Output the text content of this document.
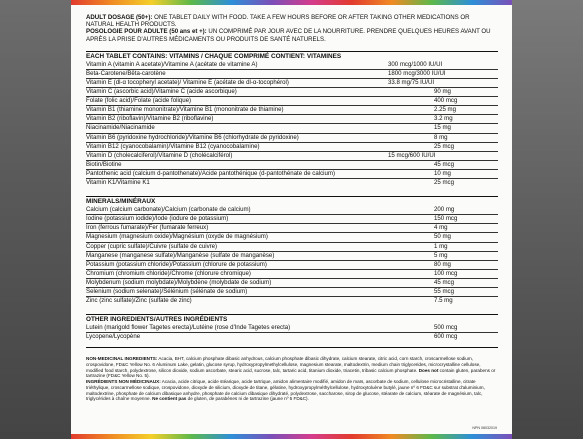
ADULT DOSAGE (50+): ONE TABLET DAILY WITH FOOD. TAKE A FEW HOURS BEFORE OR AFTER TAKING OTHER MEDICATIONS OR NATURAL HEALTH PRODUCTS.
POSOLOGIE POUR ADULTE (50 ans et +): UN COMPRIMÉ PAR JOUR AVEC DE LA NOURRITURE. PRENDRE QUELQUES HEURES AVANT OU APRÈS LA PRISE D'AUTRES MÉDICAMENTS OU PRODUITS DE SANTÉ NATURELS.
EACH TABLET CONTAINS: VITAMINS / CHAQUE COMPRIMÉ CONTIENT: VITAMINES
Vitamin A (vitamin A acetate)/Vitamine A (acétate de vitamine A)	300 mcg/1000 IU/UI
Beta-Carotene/Bêta-carotène	1800 mcg/3000 IU/UI
Vitamin E (dl-α tocopheryl acetate)/ Vitamine E (acétate de dl-α-tocophérol)	33.8 mg/75 IU/UI
Vitamin C (ascorbic acid)/Vitamine C (acide ascorbique)	90 mg
Folate (folic acid)/Folate (acide folique)	400 mcg
Vitamin B1 (thiamine mononitrate)/Vitamine B1 (mononitrate de thiamine)	2.25 mg
Vitamin B2 (riboflavin)/Vitamine B2 (riboflavine)	3.2 mg
Niacinamide/Niacinamide	15 mg
Vitamin B6 (pyridoxine hydrochloride)/Vitamine B6 (chlorhydrate de pyridoxine)	8 mg
Vitamin B12 (cyanocobalamin)/Vitamine B12 (cyanocobalamine)	25 mcg
Vitamin D (cholecalciferol)/Vitamine D (cholécalciférol)	15 mcg/600 IU/UI
Biotin/Biotine	45 mcg
Pantothenic acid (calcium d-pantothenate)/Acide pantothénique (d-pantothénate de calcium)	10 mg
Vitamin K1/Vitamine K1	25 mcg
MINERALS/MINÉRAUX
Calcium (calcium carbonate)/Calcium (carbonate de calcium)	200 mg
Iodine (potassium iodide)/Iode (iodure de potassium)	150 mcg
Iron (ferrous fumarate)/Fer (fumarate ferreux)	4 mg
Magnesium (magnesium oxide)/Magnésium (oxyde de magnésium)	50 mg
Copper (cupric sulfate)/Cuivre (sulfate de cuivre)	1 mg
Manganese (manganese sulfate)/Manganèse (sulfate de manganèse)	5 mg
Potassium (potassium chloride)/Potassium (chlorure de potassium)	80 mg
Chromium (chromium chloride)/Chrome (chlorure chromique)	100 mcg
Molybdenum (sodium molybdate)/Molybdène (molybdate de sodium)	45 mcg
Selenium (sodium selenate)/Sélénium (sélénate de sodium)	55 mcg
Zinc (zinc sulfate)/Zinc (sulfate de zinc)	7.5 mg
OTHER INGREDIENTS/AUTRES INGRÉDIENTS
Lutein (marigold flower Tagetes erecta)/Lutéine (rose d'Inde Tagetes erecta)	500 mcg
Lycopene/Lycopène	600 mcg
NON-MEDICINAL INGREDIENTS: Acacia, BHT, calcium phosphate dibasic anhydrous, calcium phosphate dibasic dihydrate, calcium stearate, citric acid, corn starch, croscarmellose sodium, crospovidone, FD&C Yellow No. 6 Aluminum Lake, gelatin, glucose syrup, hydroxypropylmethylcellulose, magnesium stearate, maltodextrin, medium chain triglycerides, microcrystalline cellulose, modified food starch, polydextrose, silicon dioxide, sodium ascorbate, stearic acid, sucrose, talc, tartaric acid, titanium dioxide, triacetin, tribasic calcium phosphate. Does not contain gluten, parabens or tartrazine (FD&C Yellow No. 5).
INGRÉDIENTS NON MÉDICINAUX: Acacia, acide citrique, acide stéarique, acide tartrique, amidon alimentaire modifié, amidon de maïs, ascorbate de sodium, cellulose microcristalline, citrate triéthylique, croscarmellose sodique, crospovidone, dioxyde de silicium, dioxyde de titane, gélatine, hydroxypropylméthylcellulose, hydroxytoluène butylé, jaune nº 6 FD&C sur substrat d'aluminium, maltodextrine, phosphate de calcium dibasique anhydre, phosphate de calcium dibasique dihydraté, polydextrose, saccharose, sirop de glucose, stéarate de calcium, stéarate de magnésium, talc, triglycérides à chaîne moyenne. Ne contient pas de gluten, de parabènes ni de tartrazine (jaune nº 5 FD&C).
NPN 08032019
